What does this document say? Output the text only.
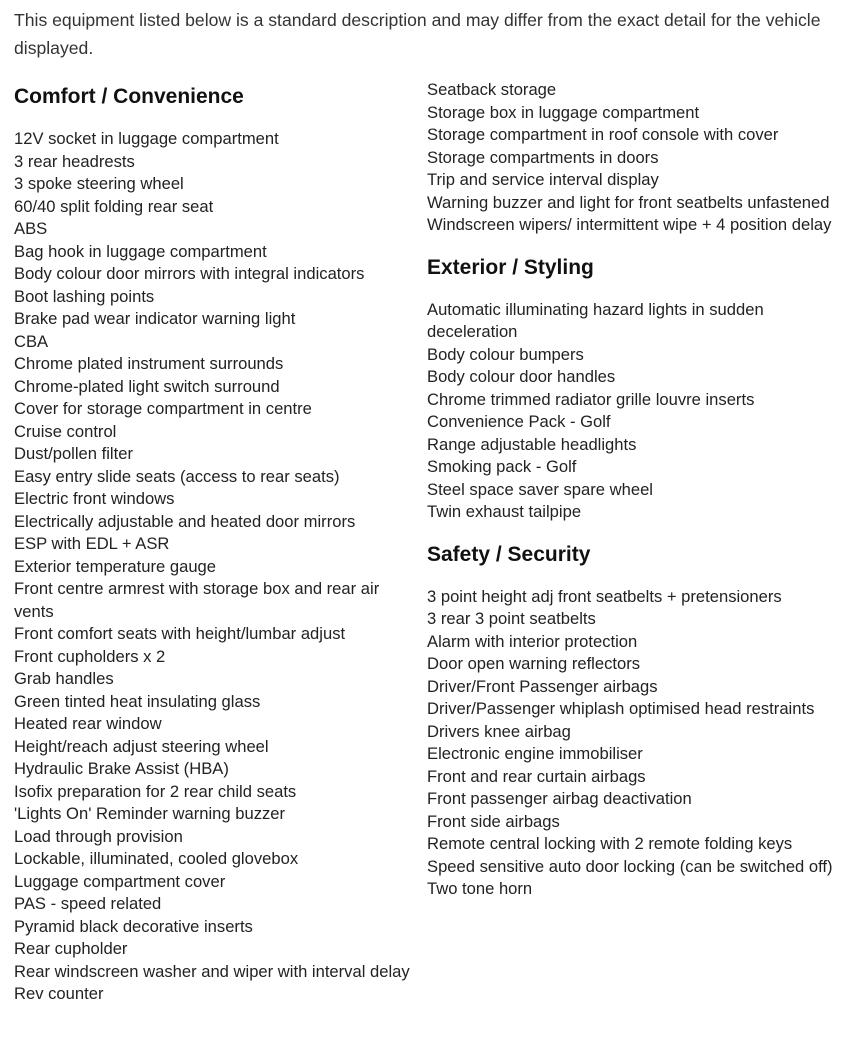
This equipment listed below is a standard description and may differ from the exact detail for the vehicle displayed.

Comfort / Convenience
12V socket in luggage compartment
3 rear headrests
3 spoke steering wheel
60/40 split folding rear seat
ABS
Bag hook in luggage compartment
Body colour door mirrors with integral indicators
Boot lashing points
Brake pad wear indicator warning light
CBA
Chrome plated instrument surrounds
Chrome-plated light switch surround
Cover for storage compartment in centre
Cruise control
Dust/pollen filter
Easy entry slide seats (access to rear seats)
Electric front windows
Electrically adjustable and heated door mirrors
ESP with EDL + ASR
Exterior temperature gauge
Front centre armrest with storage box and rear air vents
Front comfort seats with height/lumbar adjust
Front cupholders x 2
Grab handles
Green tinted heat insulating glass
Heated rear window
Height/reach adjust steering wheel
Hydraulic Brake Assist (HBA)
Isofix preparation for 2 rear child seats
'Lights On' Reminder warning buzzer
Load through provision
Lockable, illuminated, cooled glovebox
Luggage compartment cover
PAS - speed related
Pyramid black decorative inserts
Rear cupholder
Rear windscreen washer and wiper with interval delay
Rev counter
Seatback storage
Storage box in luggage compartment
Storage compartment in roof console with cover
Storage compartments in doors
Trip and service interval display
Warning buzzer and light for front seatbelts unfastened
Windscreen wipers/ intermittent wipe + 4 position delay
Exterior / Styling
Automatic illuminating hazard lights in sudden deceleration
Body colour bumpers
Body colour door handles
Chrome trimmed radiator grille louvre inserts
Convenience Pack - Golf
Range adjustable headlights
Smoking pack - Golf
Steel space saver spare wheel
Twin exhaust tailpipe
Safety / Security
3 point height adj front seatbelts + pretensioners
3 rear 3 point seatbelts
Alarm with interior protection
Door open warning reflectors
Driver/Front Passenger airbags
Driver/Passenger whiplash optimised head restraints
Drivers knee airbag
Electronic engine immobiliser
Front and rear curtain airbags
Front passenger airbag deactivation
Front side airbags
Remote central locking with 2 remote folding keys
Speed sensitive auto door locking (can be switched off)
Two tone horn
